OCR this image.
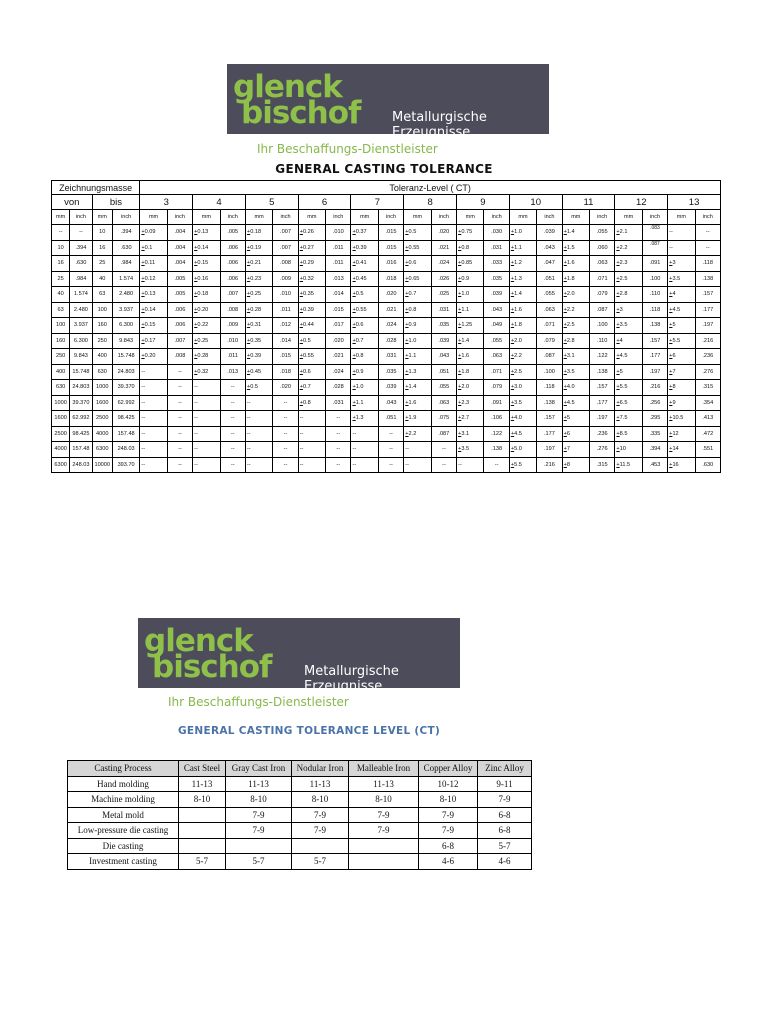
glenck
bischof Metallurgische Erzeugnisse
Ihr Beschaffungs-Dienstleister
GENERAL CASTING TOLERANCE
Zeichnungsmasse				Toleranz-Level ( CT)																					
von		bis		3		4		5		6		7		8		9		10		11		12		13	
mm	inch	mm	inch	mm	inch	mm	inch	mm	inch	mm	inch	mm	inch	mm	inch	mm	inch	mm	inch	mm	inch	mm	inch	mm	inch
--	--	10	.394	+0.09	.004	+0.13	.005	+0.18	.007	+0.26	.010	+0.37	.015	+0.5	.020	+0.75	.030	+1.0	.039	+1.4	.055	+2.1	.083	--	--
10	.394	16	.630	+0.1	.004	+0.14	.006	+0.19	.007	+0.27	.011	+0.39	.015	+0.55	.021	+0.8	.031	+1.1	.043	+1.5	.060	+2.2	.087	--	--
16	.630	25	.984	+0.11	.004	+0.15	.006	+0.21	.008	+0.29	.011	+0.41	.016	+0.6	.024	+0.85	.033	+1.2	.047	+1.6	.063	+2.3	.091	+3	.118
25	.984	40	1.574	+0.12	.005	+0.16	.006	+0.23	.009	+0.32	.013	+0.45	.018	+0.65	.026	+0.9	.035	+1.3	.051	+1.8	.071	+2.5	.100	+3.5	.138
40	1.574	63	2.480	+0.13	.005	+0.18	.007	+0.25	.010	+0.35	.014	+0.5	.020	+0.7	.025	+1.0	.039	+1.4	.055	+2.0	.079	+2.8	.110	+4	.157
63	2.480	100	3.937	+0.14	.006	+0.20	.008	+0.28	.011	+0.39	.015	+0.55	.021	+0.8	.031	+1.1	.043	+1.6	.063	+2.2	.087	+3	.118	+4.5	.177
100	3.937	160	6.300	+0.15	.006	+0.22	.009	+0.31	.012	+0.44	.017	+0.6	.024	+0.9	.035	+1.25	.049	+1.8	.071	+2.5	.100	+3.5	.138	+5	.197
160	6.300	250	9.843	+0.17	.007	+0.25	.010	+0.35	.014	+0.5	.020	+0.7	.028	+1.0	.039	+1.4	.055	+2.0	.079	+2.8	.110	+4	.157	+5.5	.216
250	9.843	400	15.748	+0.20	.008	+0.28	.011	+0.39	.015	+0.55	.021	+0.8	.031	+1.1	.043	+1.6	.063	+2.2	.087	+3.1	.122	+4.5	.177	+6	.236
400	15.748	630	24.803	--	--	+0.32	.013	+0.45	.018	+0.6	.024	+0.9	.035	+1.3	.051	+1.8	.071	+2.5	.100	+3.5	.138	+5	.197	+7	.276
630	24.803	1000	39.370	--	--	--	--	+0.5	.020	+0.7	.028	+1.0	.039	+1.4	.055	+2.0	.079	+3.0	.118	+4.0	.157	+5.5	.216	+8	.315
1000	39.370	1600	62.992	--	--	--	--	--	--	+0.8	.031	+1.1	.043	+1.6	.063	+2.3	.091	+3.5	.138	+4.5	.177	+6.5	.256	+9	.354
1600	62.992	2500	98.425	--	--	--	--	--	--	--	--	+1.3	.051	+1.9	.075	+2.7	.106	+4.0	.157	+5	.197	+7.5	.295	+10.5	.413
2500	98.425	4000	157.48	--	--	--	--	--	--	--	--	--	--	+2.2	.087	+3.1	.122	+4.5	.177	+6	.236	+8.5	.335	+12	.472
4000	157.48	6300	248.03	--	--	--	--	--	--	--	--	--	--	--	--	+3.5	.138	+5.0	.197	+7	.276	+10	.394	+14	.551
6300	248.03	10000	393.70	--	--	--	--	--	--	--	--	--	--	--	--	--	--	+5.5	.216	+8	.315	+11.5	.453	+16	.630
glenck
bischof	Metallurgische Erzeugnisse
Ihr Beschaffungs-Dienstleister
GENERAL CASTING TOLERANCE LEVEL (CT)
Casting Process	Cast Steel	Gray Cast Iron	Nodular Iron	Malleable Iron	Copper Alloy	Zinc Alloy
Hand molding	11-13	11-13	11-13	11-13	10-12	9-11
Machine molding	8-10	8-10	8-10	8-10	8-10	7-9
Metal mold		7-9	7-9	7-9	7-9	6-8
Low-pressure die casting		7-9	7-9	7-9	7-9	6-8
Die casting					6-8	5-7
Investment casting	5-7	5-7	5-7		4-6	4-6
